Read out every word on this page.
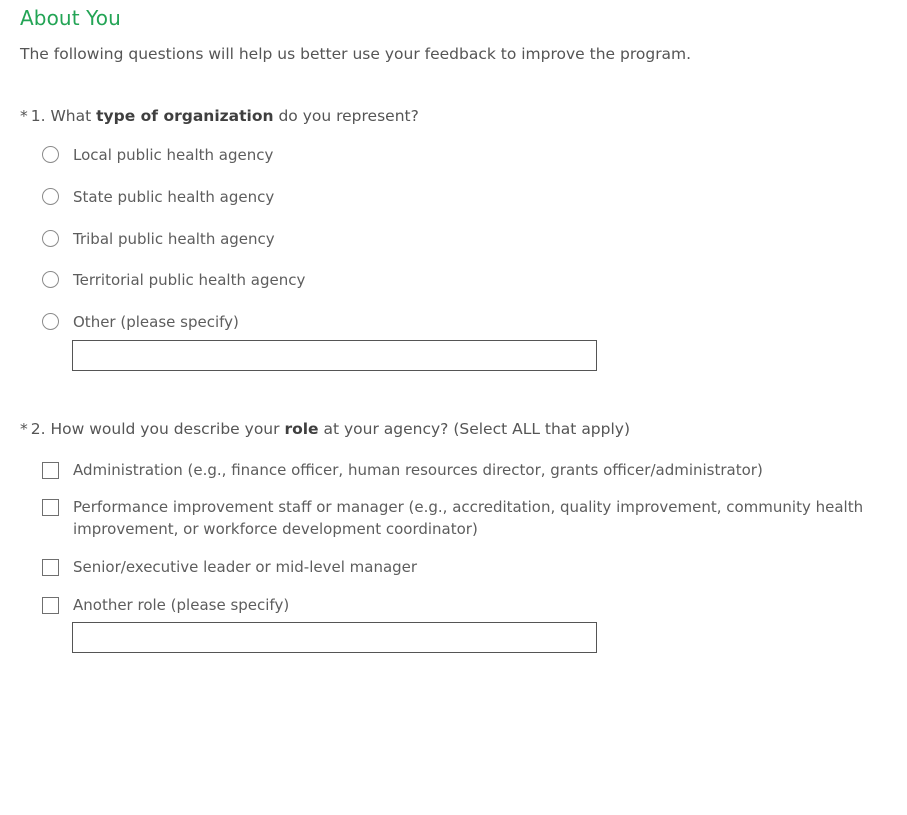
About You
The following questions will help us better use your feedback to improve the program.
* 1. What type of organization do you represent?
Local public health agency
State public health agency
Tribal public health agency
Territorial public health agency
Other (please specify)
* 2. How would you describe your role at your agency? (Select ALL that apply)
Administration (e.g., finance officer, human resources director, grants officer/administrator)
Performance improvement staff or manager (e.g., accreditation, quality improvement, community health improvement, or workforce development coordinator)
Senior/executive leader or mid-level manager
Another role (please specify)
